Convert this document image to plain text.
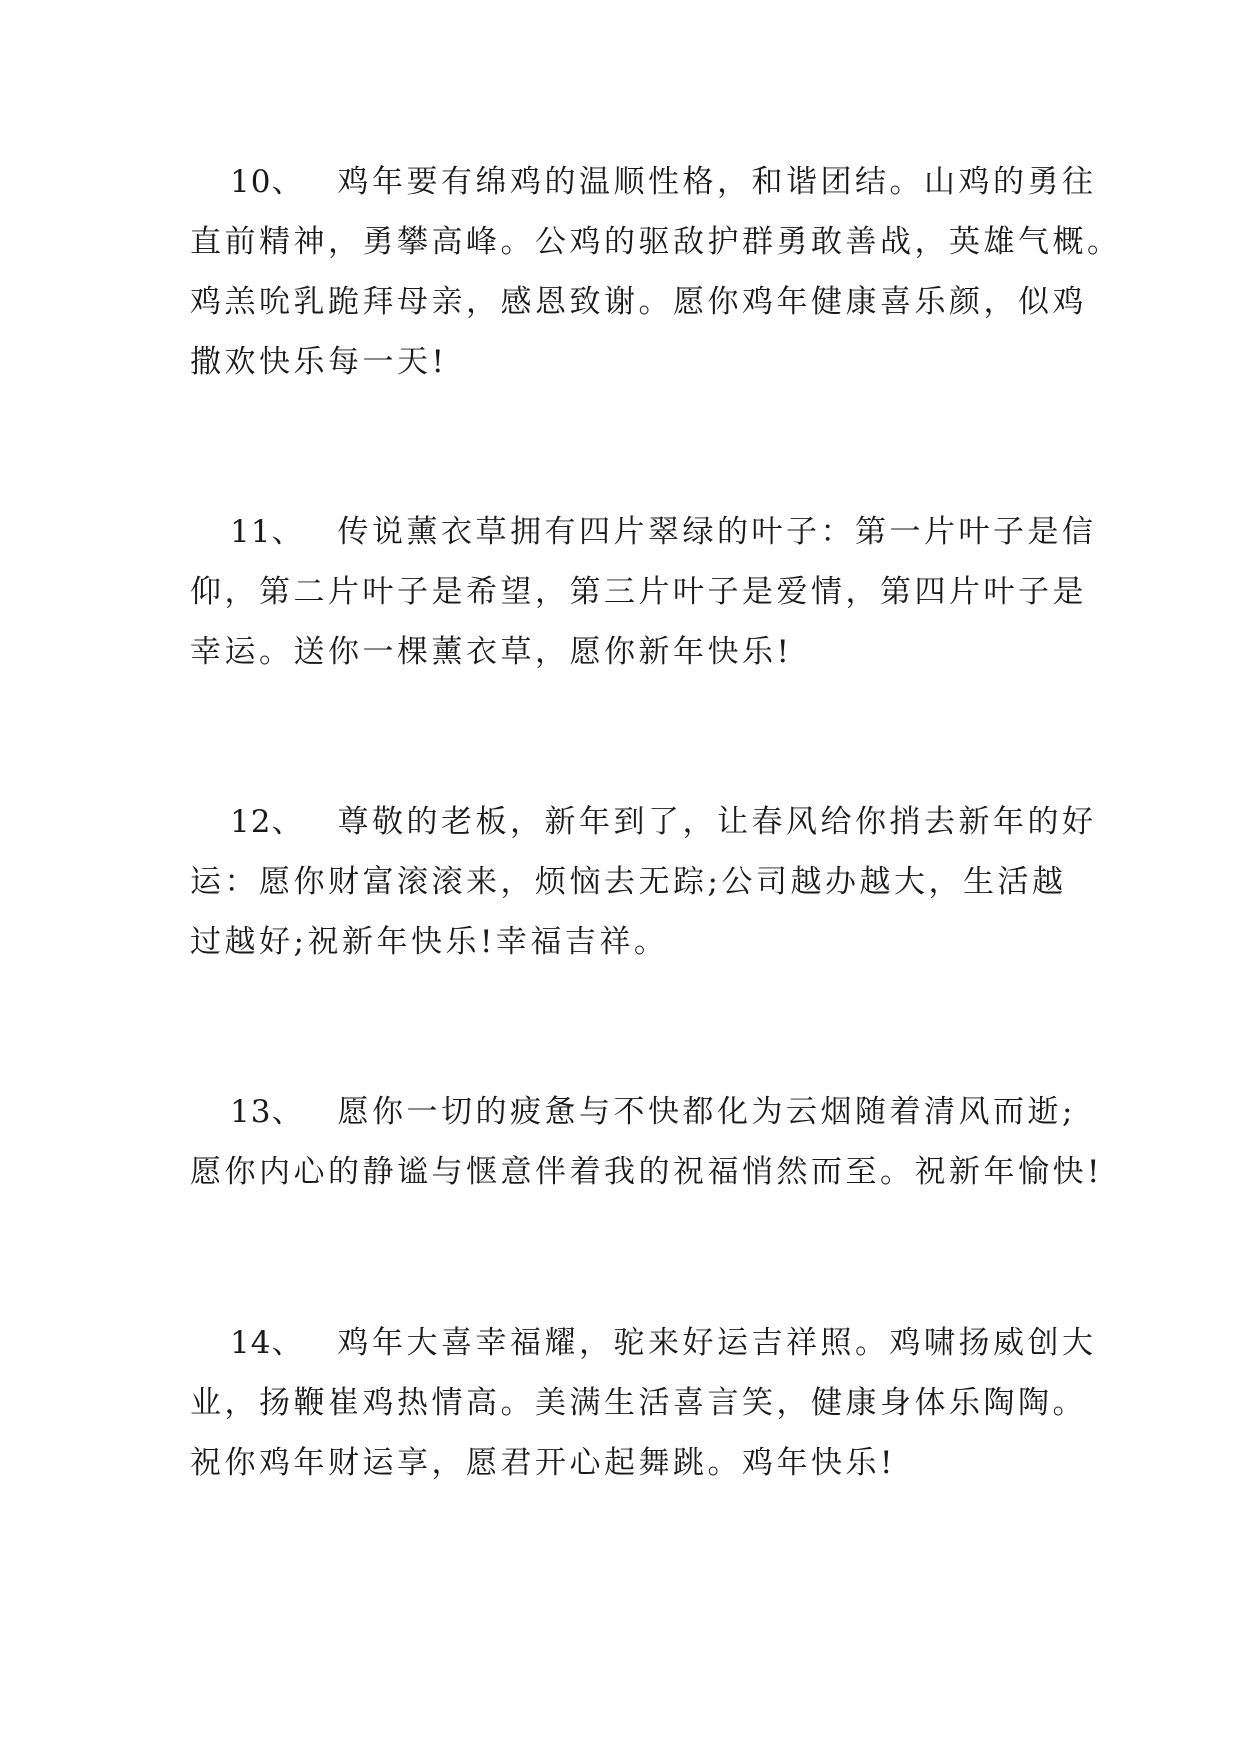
10、 鸡年要有绵鸡的温顺性格，和谐团结。山鸡的勇往
直前精神，勇攀高峰。公鸡的驱敌护群勇敢善战，英雄气概。
鸡羔吮乳跪拜母亲，感恩致谢。愿你鸡年健康喜乐颜，似鸡
撒欢快乐每一天!
11、 传说薰衣草拥有四片翠绿的叶子：第一片叶子是信
仰，第二片叶子是希望，第三片叶子是爱情，第四片叶子是
幸运。送你一棵薰衣草，愿你新年快乐!
12、 尊敬的老板，新年到了，让春风给你捎去新年的好
运：愿你财富滚滚来，烦恼去无踪;公司越办越大，生活越
过越好;祝新年快乐!幸福吉祥。
13、 愿你一切的疲惫与不快都化为云烟随着清风而逝;
愿你内心的静谧与惬意伴着我的祝福悄然而至。祝新年愉快!
14、 鸡年大喜幸福耀，驼来好运吉祥照。鸡啸扬威创大
业，扬鞭崔鸡热情高。美满生活喜言笑，健康身体乐陶陶。
祝你鸡年财运享，愿君开心起舞跳。鸡年快乐!
